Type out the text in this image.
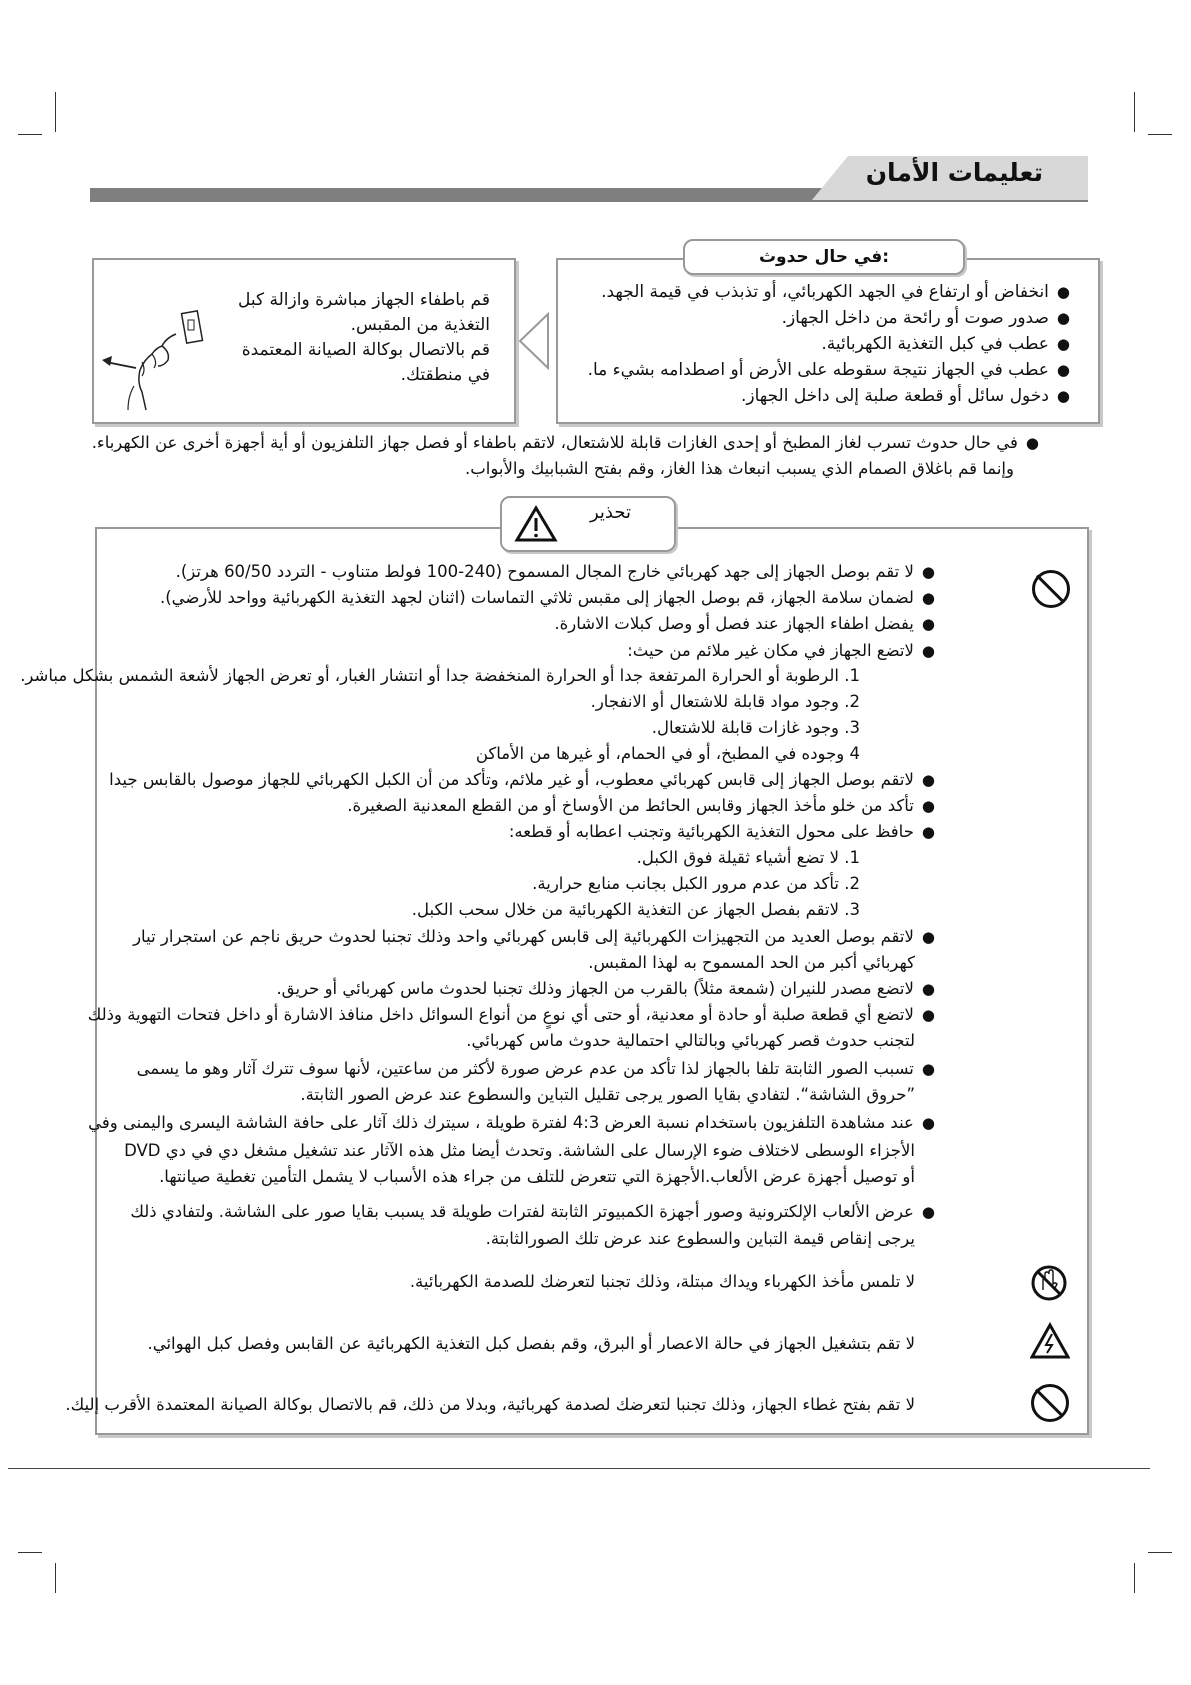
تعليمات الأمان
في حال حدوث:
● انخفاض أو ارتفاع في الجهد الكهربائي، أو تذبذب في قيمة الجهد.
● صدور صوت أو رائحة من داخل الجهاز.
● عطب في كبل التغذية الكهربائية.
● عطب في الجهاز نتيجة سقوطه على الأرض أو اصطدامه بشيء ما.
● دخول سائل أو قطعة صلبة إلى داخل الجهاز.
قم باطفاء الجهاز مباشرة وازالة كبل
التغذية من المقبس.
قم بالاتصال بوكالة الصيانة المعتمدة
في منطقتك.
●في حال حدوث تسرب لغاز المطبخ أو إحدى الغازات قابلة للاشتعال، لاتقم باطفاء أو فصل جهاز التلفزيون أو أية أجهزة أخرى عن الكهرباء.
وإنما قم باغلاق الصمام الذي يسبب انبعاث هذا الغاز، وقم بفتح الشبابيك والأبواب.
تحذير
●لا تقم بوصل الجهاز إلى جهد كهربائي خارج المجال المسموح (240-100 فولط متناوب - التردد 60/50 هرتز).
●لضمان سلامة الجهاز، قم بوصل الجهاز إلى مقبس ثلاثي التماسات (اثنان لجهد التغذية الكهربائية وواحد للأرضي).
●يفضل اطفاء الجهاز عند فصل أو وصل كبلات الاشارة.
●لاتضع الجهاز في مكان غير ملائم من حيث:
1. الرطوبة أو الحرارة المرتفعة جدا أو الحرارة المنخفضة جدا أو انتشار الغبار، أو تعرض الجهاز لأشعة الشمس بشكل مباشر.
2. وجود مواد قابلة للاشتعال أو الانفجار.
3. وجود غازات قابلة للاشتعال.
4 وجوده في المطبخ، أو في الحمام، أو غيرها من الأماكن
●لاتقم بوصل الجهاز إلى قابس كهربائي معطوب، أو غير ملائم، وتأكد من أن الكبل الكهربائي للجهاز موصول بالقابس جيدا
●تأكد من خلو مأخذ الجهاز وقابس الحائط من الأوساخ أو من القطع المعدنية الصغيرة.
●حافظ على محول التغذية الكهربائية وتجنب اعطابه أو قطعه:
1. لا تضع أشياء ثقيلة فوق الكبل.
2. تأكد من عدم مرور الكبل بجانب منابع حرارية.
3. لاتقم بفصل الجهاز عن التغذية الكهربائية من خلال سحب الكبل.
●لاتقم بوصل العديد من التجهيزات الكهربائية إلى قابس كهربائي واحد وذلك تجنبا لحدوث حريق ناجم عن استجرار تيار
كهربائي أكبر من الحد المسموح به لهذا المقبس.
●لاتضع مصدر للنيران (شمعة مثلاً) بالقرب من الجهاز وذلك تجنبا لحدوث ماس كهربائي أو حريق.
●لاتضع أي قطعة صلبة أو حادة أو معدنية، أو حتى أي نوعٍ من أنواع السوائل داخل منافذ الاشارة أو داخل فتحات التهوية وذلك
لتجنب حدوث قصر كهربائي وبالتالي احتمالية حدوث ماس كهربائي.
●تسبب الصور الثابتة تلفا بالجهاز لذا تأكد من عدم عرض صورة لأكثر من ساعتين، لأنها سوف تترك آثار وهو ما يسمى
”حروق الشاشة“. لتفادي بقايا الصور يرجى تقليل التباين والسطوع عند عرض الصور الثابتة.
●عند مشاهدة التلفزيون باستخدام نسبة العرض 4:3 لفترة طويلة ، سيترك ذلك آثار على حافة الشاشة اليسرى واليمنى وفي
الأجزاء الوسطى لاختلاف ضوء الإرسال على الشاشة. وتحدث أيضا مثل هذه الآثار عند تشغيل مشغل دي في دي DVD
أو توصيل أجهزة عرض الألعاب.الأجهزة التي تتعرض للتلف من جراء هذه الأسباب لا يشمل التأمين تغطية صيانتها.
●عرض الألعاب الإلكترونية وصور أجهزة الكمبيوتر الثابتة لفترات طويلة قد يسبب بقايا صور على الشاشة. ولتفادي ذلك
يرجى إنقاص قيمة التباين والسطوع عند عرض تلك الصورالثابتة.
لا تلمس مأخذ الكهرباء ويداك مبتلة، وذلك تجنبا لتعرضك للصدمة الكهربائية.
لا تقم بتشغيل الجهاز في حالة الاعصار أو البرق، وقم بفصل كبل التغذية الكهربائية عن القابس وفصل كبل الهوائي.
لا تقم بفتح غطاء الجهاز، وذلك تجنبا لتعرضك لصدمة كهربائية، وبدلا من ذلك، قم بالاتصال بوكالة الصيانة المعتمدة الأقرب إليك.
